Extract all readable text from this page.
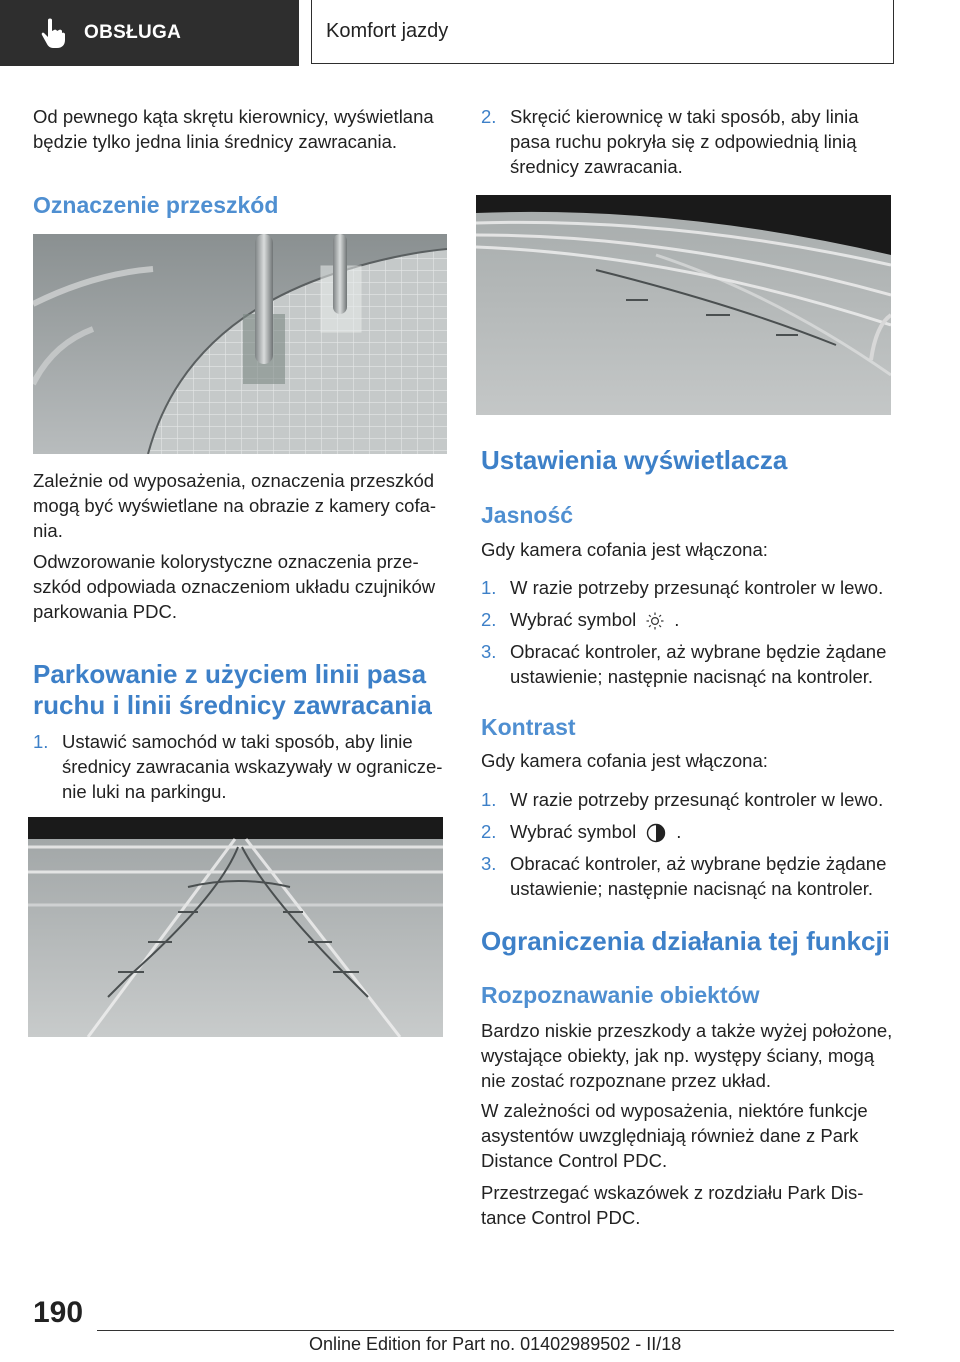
OBSŁUGA	Komfort jazdy

Od pewnego kąta skrętu kierownicy, wyświetlana będzie tylko jedna linia średnicy zawracania.

Oznaczenie przeszkód

Zależnie od wyposażenia, oznaczenia przeszkód mogą być wyświetlane na obrazie z kamery cofania.

Odwzorowanie kolorystyczne oznaczenia przeszkód odpowiada oznaczeniom układu czujników parkowania PDC.

Parkowanie z użyciem linii pasa
ruchu i linii średnicy zawracania
1. Ustawić samochód w taki sposób, aby linie średnicy zawracania wskazywały w ograniczenie luki na parkingu.
2. Skręcić kierownicę w taki sposób, aby linia pasa ruchu pokryła się z odpowiednią linią średnicy zawracania.
Ustawienia wyświetlacza
Jasność

Gdy kamera cofania jest włączona:

1. W razie potrzeby przesunąć kontroler w lewo.
2. Wybrać symbol .
3. Obracać kontroler, aż wybrane będzie żądane ustawienie; następnie nacisnąć na kontroler.
Kontrast

Gdy kamera cofania jest włączona:

1. W razie potrzeby przesunąć kontroler w lewo.
2. Wybrać symbol .
3. Obracać kontroler, aż wybrane będzie żądane ustawienie; następnie nacisnąć na kontroler.
Ograniczenia działania tej funkcji
Rozpoznawanie obiektów

Bardzo niskie przeszkody a także wyżej położone, wystające obiekty, jak np. występy ściany, mogą nie zostać rozpoznane przez układ.

W zależności od wyposażenia, niektóre funkcje asystentów uwzględniają również dane z Park Distance Control PDC.

Przestrzegać wskazówek z rozdziału Park Distance Control PDC.

190
Online Edition for Part no. 01402989502 - II/18
